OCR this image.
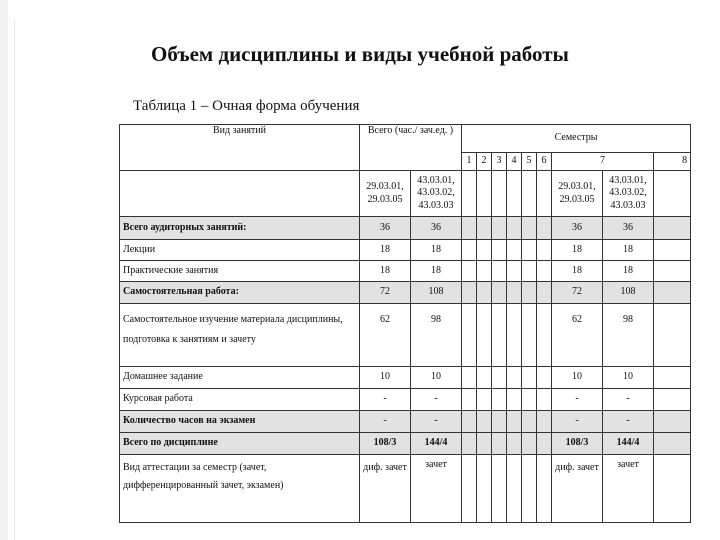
Объем дисциплины и виды учебной работы
Таблица 1 – Очная форма обучения
Вид занятий	Всего (час./ зач.ед. )		Семестры								
			1	2	3	4	5	6	7		8
	29.03.01, 29.03.05	43.03.01, 43.03.02, 43.03.03							29.03.01, 29.03.05	43.03.01, 43.03.02, 43.03.03	
Всего аудиторных занятий:	36	36							36	36	
Лекции	18	18							18	18	
Практические занятия	18	18							18	18	
Самостоятельная работа:	72	108							72	108	
Самостоятельное изучение материала дисциплины, подготовка к занятиям и зачету	62	98							62	98	
Домашнее задание	10	10							10	10	
Курсовая работа	-	-							-	-	
Количество часов на экзамен	-	-							-	-	
Всего по дисциплине	108/3	144/4							108/3	144/4	
Вид аттестации за семестр (зачет, дифференцированный зачет, экзамен)	диф. зачет	зачет							диф. зачет	зачет	
